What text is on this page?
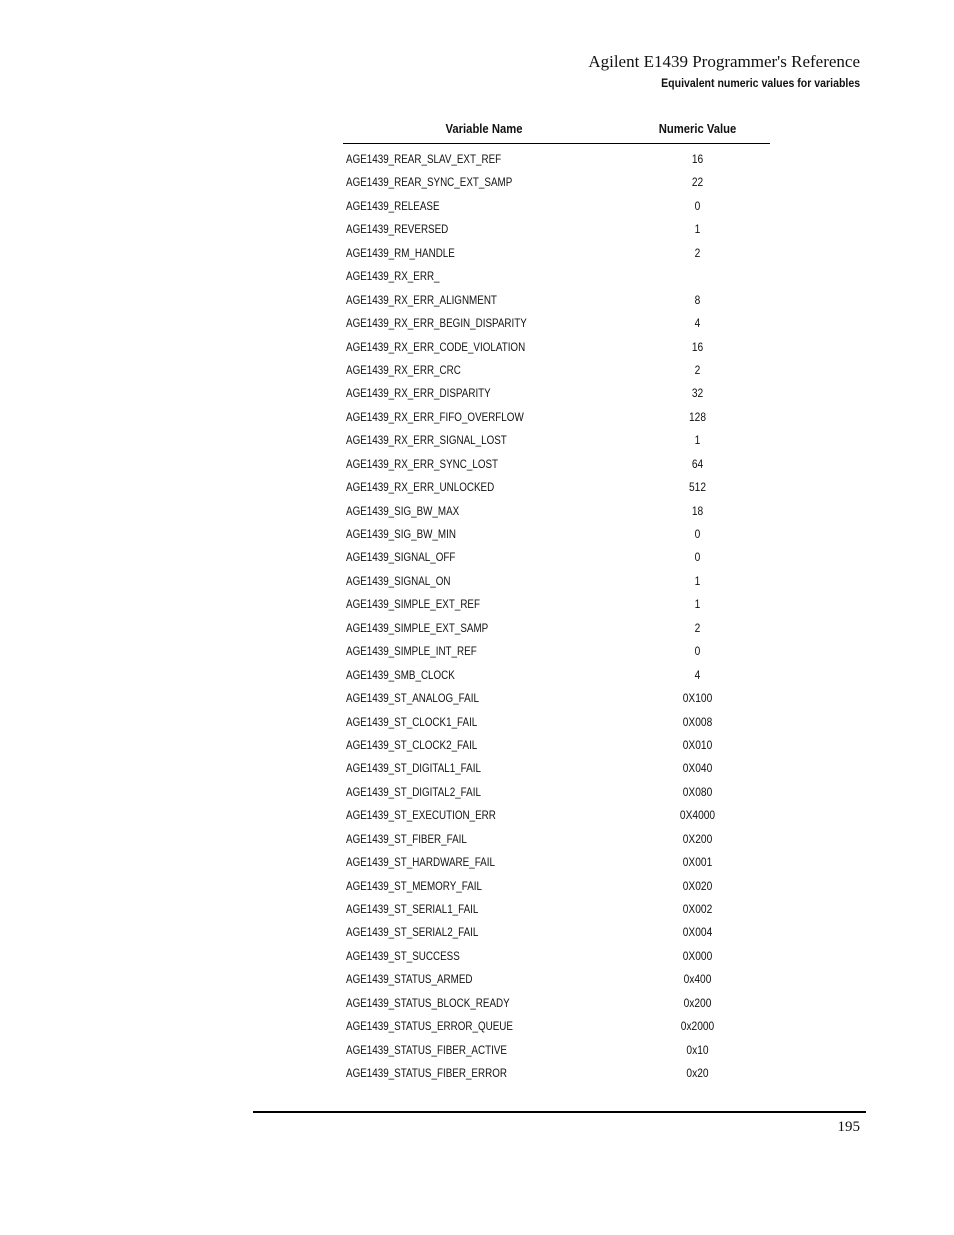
Agilent E1439 Programmer's Reference
Equivalent numeric values for variables
Variable Name	Numeric Value
AGE1439_REAR_SLAV_EXT_REF	16
AGE1439_REAR_SYNC_EXT_SAMP	22
AGE1439_RELEASE	0
AGE1439_REVERSED	1
AGE1439_RM_HANDLE	2
AGE1439_RX_ERR_
AGE1439_RX_ERR_ALIGNMENT	8
AGE1439_RX_ERR_BEGIN_DISPARITY	4
AGE1439_RX_ERR_CODE_VIOLATION	16
AGE1439_RX_ERR_CRC	2
AGE1439_RX_ERR_DISPARITY	32
AGE1439_RX_ERR_FIFO_OVERFLOW	128
AGE1439_RX_ERR_SIGNAL_LOST	1
AGE1439_RX_ERR_SYNC_LOST	64
AGE1439_RX_ERR_UNLOCKED	512
AGE1439_SIG_BW_MAX	18
AGE1439_SIG_BW_MIN	0
AGE1439_SIGNAL_OFF	0
AGE1439_SIGNAL_ON	1
AGE1439_SIMPLE_EXT_REF	1
AGE1439_SIMPLE_EXT_SAMP	2
AGE1439_SIMPLE_INT_REF	0
AGE1439_SMB_CLOCK	4
AGE1439_ST_ANALOG_FAIL	0X100
AGE1439_ST_CLOCK1_FAIL	0X008
AGE1439_ST_CLOCK2_FAIL	0X010
AGE1439_ST_DIGITAL1_FAIL	0X040
AGE1439_ST_DIGITAL2_FAIL	0X080
AGE1439_ST_EXECUTION_ERR	0X4000
AGE1439_ST_FIBER_FAIL	0X200
AGE1439_ST_HARDWARE_FAIL	0X001
AGE1439_ST_MEMORY_FAIL	0X020
AGE1439_ST_SERIAL1_FAIL	0X002
AGE1439_ST_SERIAL2_FAIL	0X004
AGE1439_ST_SUCCESS	0X000
AGE1439_STATUS_ARMED	0x400
AGE1439_STATUS_BLOCK_READY	0x200
AGE1439_STATUS_ERROR_QUEUE	0x2000
AGE1439_STATUS_FIBER_ACTIVE	0x10
AGE1439_STATUS_FIBER_ERROR	0x20
195
